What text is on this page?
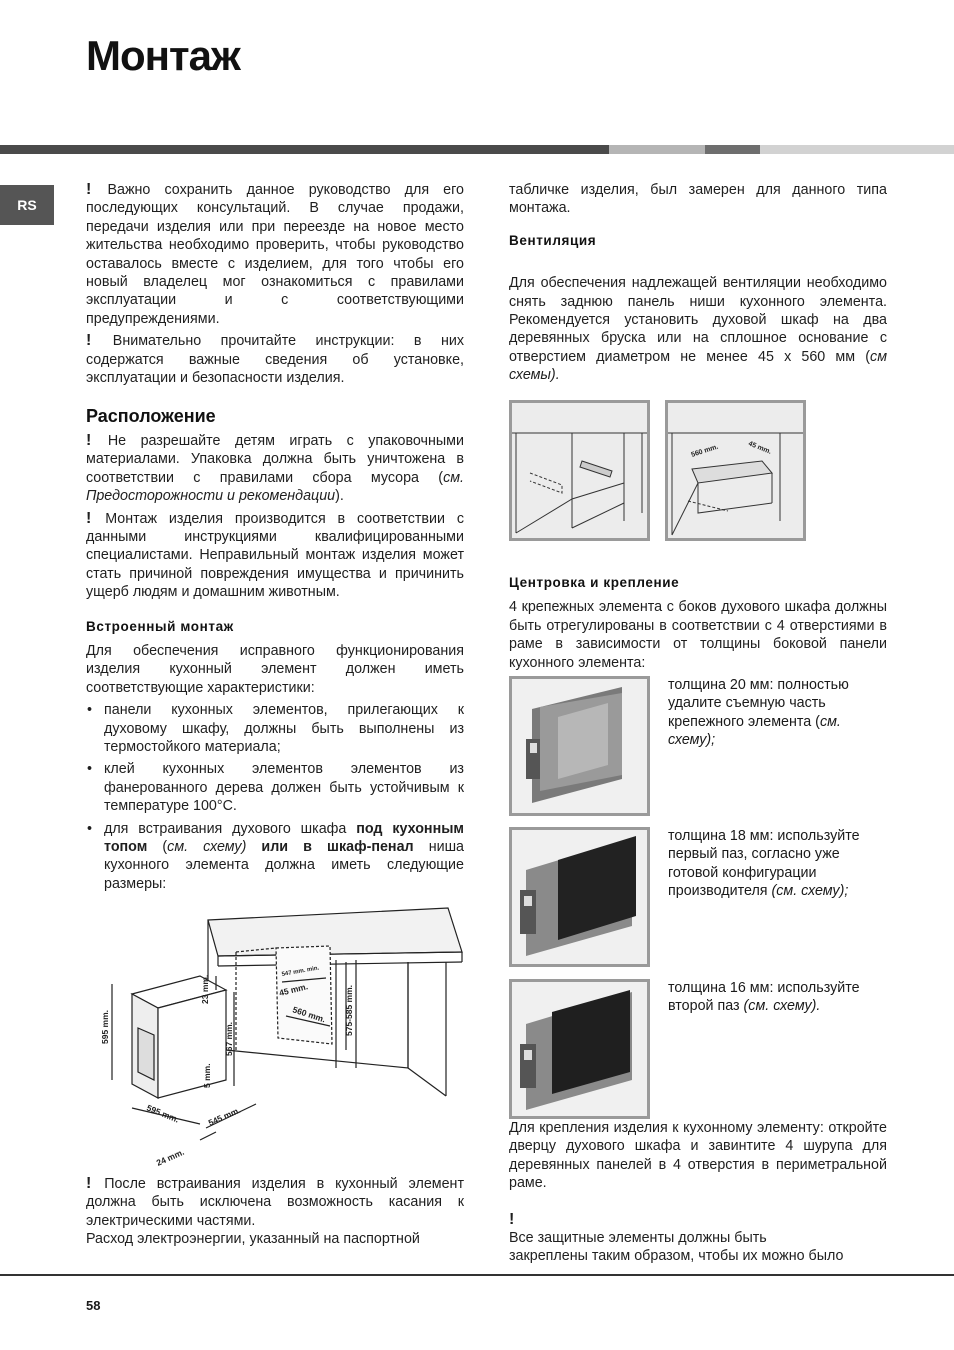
Монтаж
RS

! Важно сохранить данное руководство для его последующих консультаций. В случае продажи, передачи изделия или при переезде на новое место жительства необходимо проверить, чтобы руководство оставалось вместе с изделием, для того чтобы его новый владелец мог ознакомиться с правилами эксплуатации и с соответствующими предупреждениями.

! Внимательно прочитайте инструкции: в них содержатся важные сведения об установке, эксплуатации и безопасности изделия.

Расположение

! Не разрешайте детям играть с упаковочными материалами. Упаковка должна быть уничтожена в соответствии с правилами сбора мусора (см. Предосторожности и рекомендации).

! Монтаж изделия производится в соответствии с данными инструкциями квалифицированными специалистами. Неправильный монтаж изделия может стать причиной повреждения имущества и причинить ущерб людям и домашним животным.

Встроенный монтаж

Для обеспечения исправного функционирования изделия кухонный элемент должен иметь соответствующие характеристики:

• панели кухонных элементов, прилегающих к духовому шкафу, должны быть выполнены из термостойкого материала;
• клей кухонных элементов элементов из фанерованного дерева должен быть устойчивым к температуре 100°C.
• для встраивания духового шкафа под кухонным топом (см. схему) или в шкаф-пенал ниша кухонного элемента должна иметь следующие размеры:
595 mm.
23 mm.
567 mm.
5 mm.
595 mm.	545 mm.
24 mm.
547 mm. min.
45 mm.
560 mm. 575-585 mm.

! После встраивания изделия в кухонный элемент должна быть исключена возможность касания к электрическими частями.

Расход электроэнергии, указанный на паспортной

табличке изделия, был замерен для данного типа монтажа.

Вентиляция

Для обеспечения надлежащей вентиляции необходимо снять заднюю панель ниши кухонного элемента. Рекомендуется установить духовой шкаф на два деревянных бруска или на сплошное основание с отверстием диаметром не менее 45 x 560 мм (см схемы).

560 mm.	45 mm.
Центровка и крепление

4 крепежных элемента с боков духового шкафа должны быть отрегулированы в соответствии с 4 отверстиями в раме в зависимости от толщины боковой панели кухонного элемента:

толщина 20 мм: полностью удалите съемную часть крепежного элемента (см. схему);
толщина 18 мм: используйте первый паз, согласно уже готовой конфигурации производителя (см. схему);
толщина 16 мм: используйте второй паз (см. схему).

Для крепления изделия к кухонному элементу: откройте дверцу духового шкафа и завинтите 4 шурупа для деревянных панелей в 4 отверстия в периметральной раме.

!
Все защитные элементы должны быть
закреплены таким образом, чтобы их можно было

58
